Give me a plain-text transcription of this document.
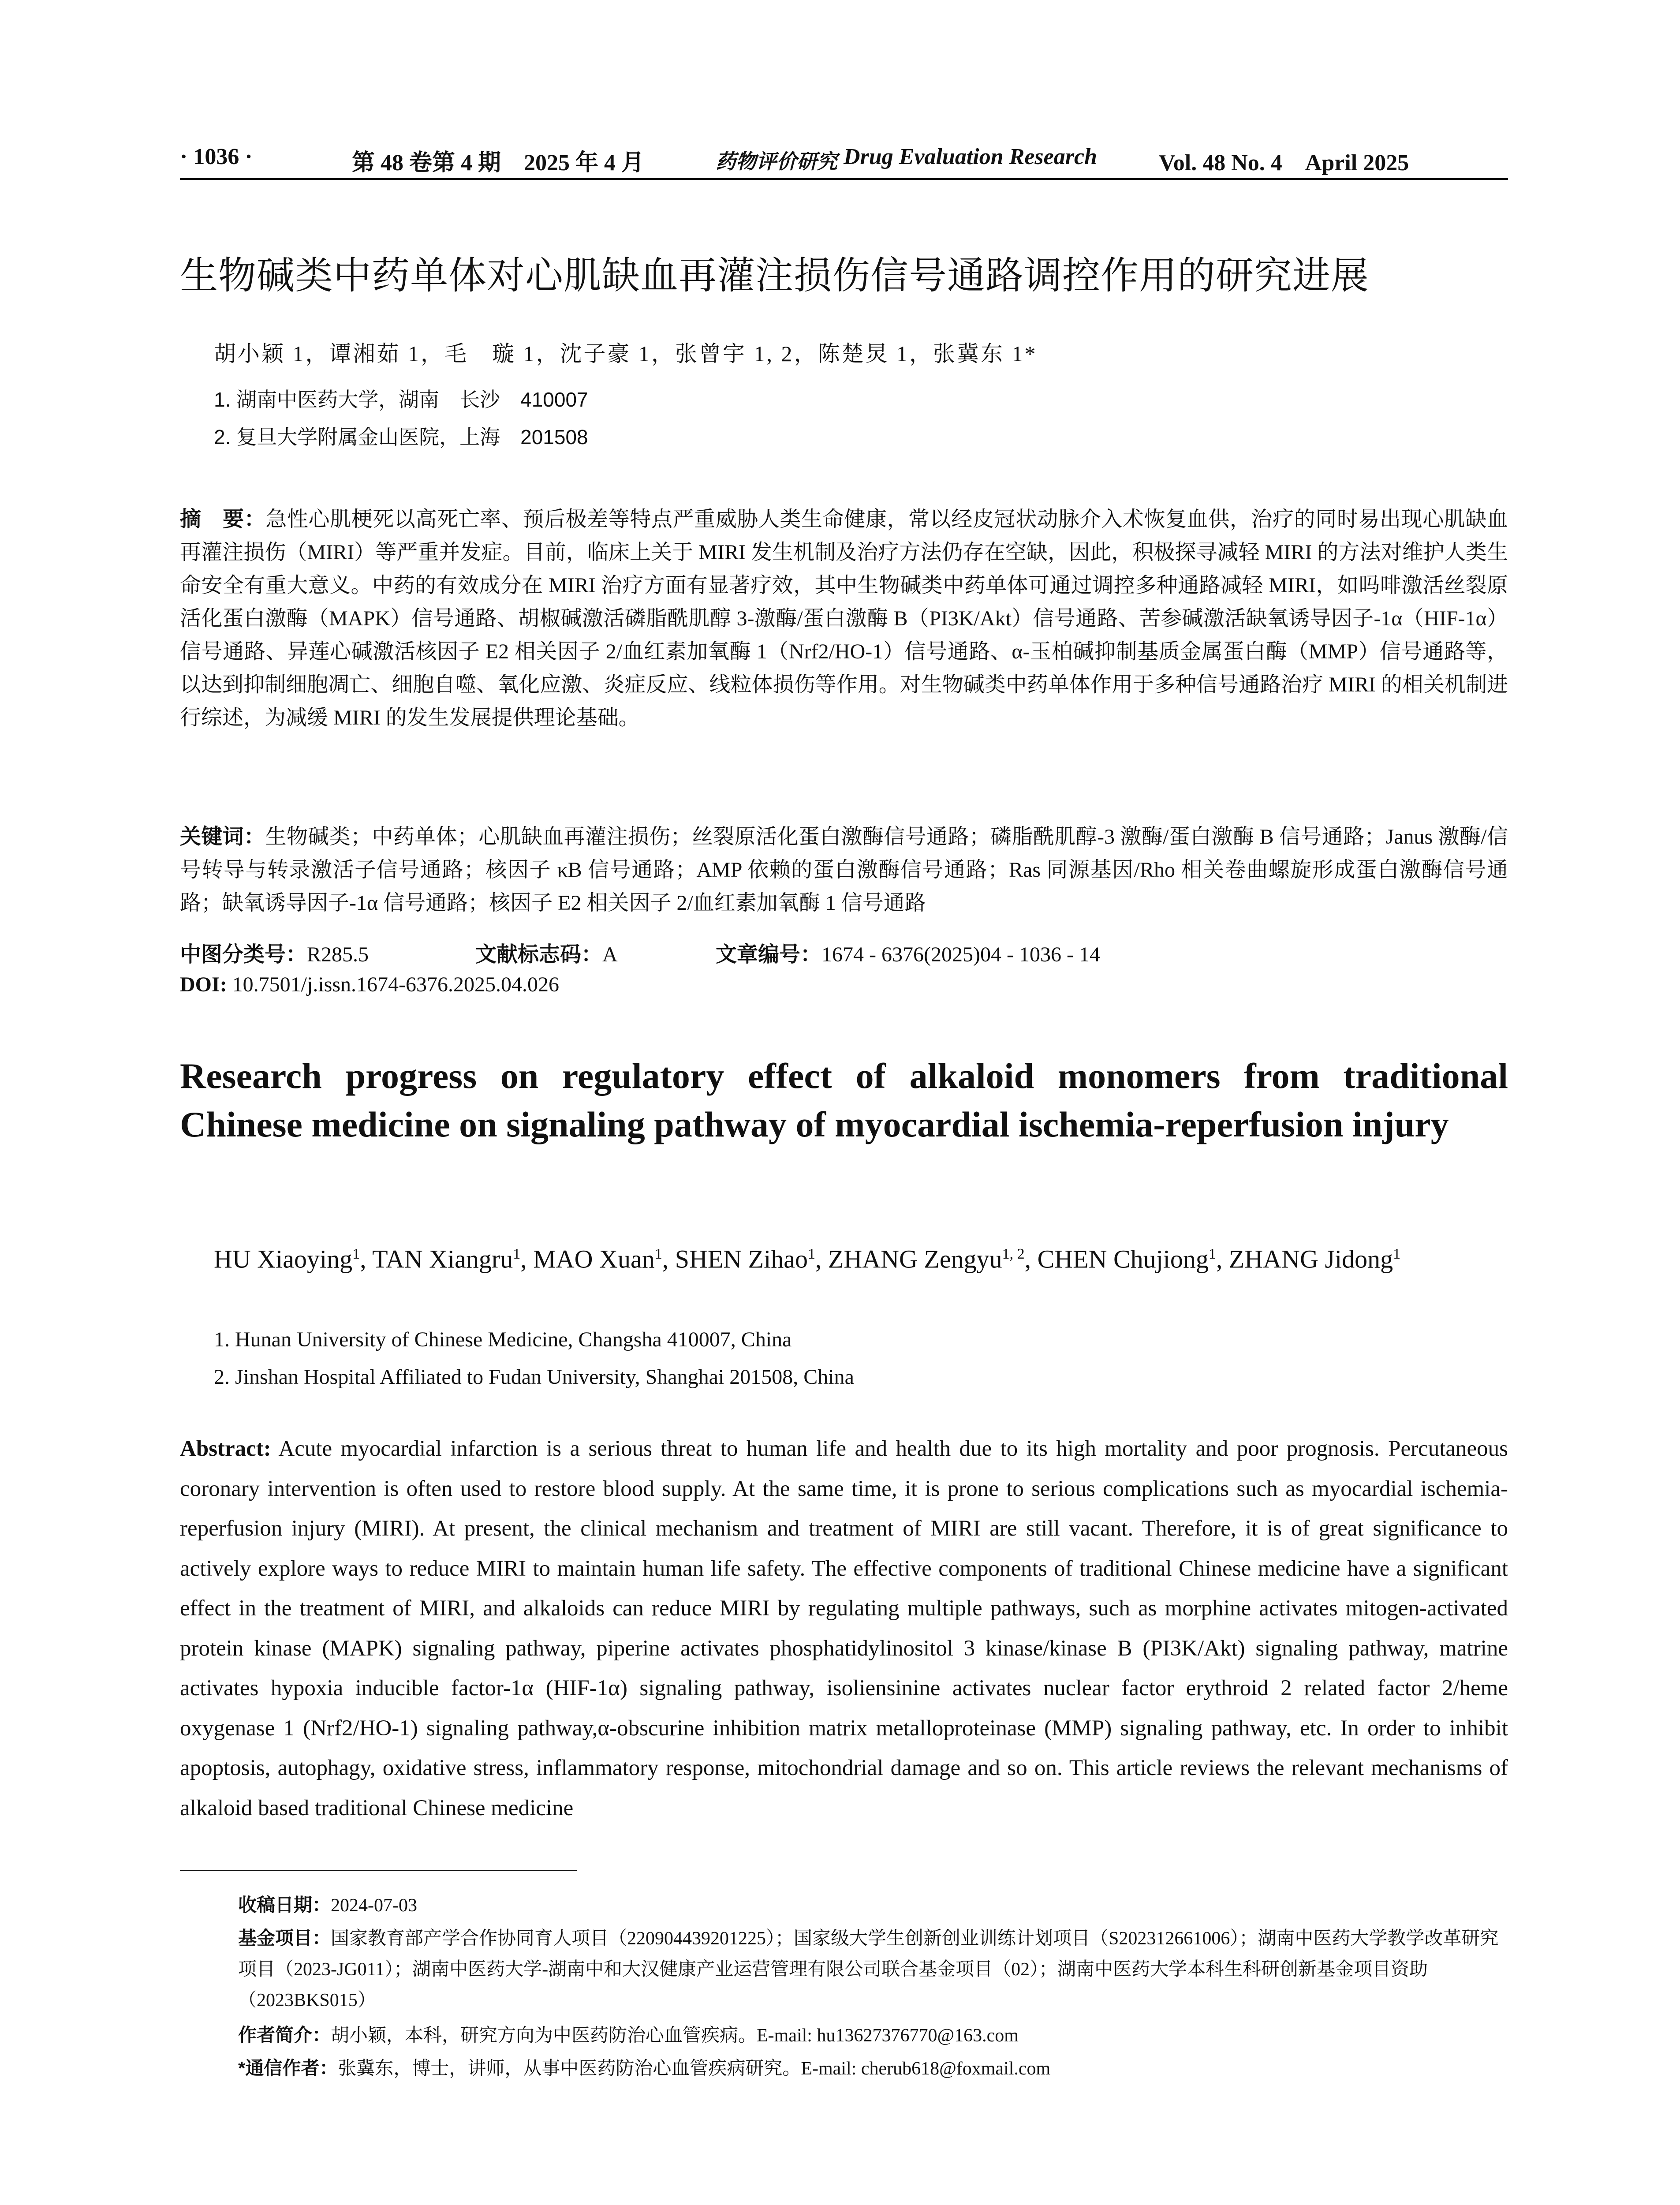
· 1036 ·	第 48 卷第 4 期　2025 年 4 月	药物评价研究 Drug Evaluation Research	Vol. 48 No. 4　April 2025
生物碱类中药单体对心肌缺血再灌注损伤信号通路调控作用的研究进展
胡小颖 1，谭湘茹 1，毛　璇 1，沈子豪 1，张曾宇 1, 2，陈楚炅 1，张冀东 1*
1. 湖南中医药大学，湖南　长沙　410007
2. 复旦大学附属金山医院，上海　201508
摘　要：急性心肌梗死以高死亡率、预后极差等特点严重威胁人类生命健康，常以经皮冠状动脉介入术恢复血供，治疗的同时易出现心肌缺血再灌注损伤（MIRI）等严重并发症。目前，临床上关于 MIRI 发生机制及治疗方法仍存在空缺，因此，积极探寻减轻 MIRI 的方法对维护人类生命安全有重大意义。中药的有效成分在 MIRI 治疗方面有显著疗效，其中生物碱类中药单体可通过调控多种通路减轻 MIRI，如吗啡激活丝裂原活化蛋白激酶（MAPK）信号通路、胡椒碱激活磷脂酰肌醇 3-激酶/蛋白激酶 B（PI3K/Akt）信号通路、苦参碱激活缺氧诱导因子-1α（HIF-1α）信号通路、异莲心碱激活核因子 E2 相关因子 2/血红素加氧酶 1（Nrf2/HO-1）信号通路、α-玉柏碱抑制基质金属蛋白酶（MMP）信号通路等，以达到抑制细胞凋亡、细胞自噬、氧化应激、炎症反应、线粒体损伤等作用。对生物碱类中药单体作用于多种信号通路治疗 MIRI 的相关机制进行综述，为减缓 MIRI 的发生发展提供理论基础。
关键词：生物碱类；中药单体；心肌缺血再灌注损伤；丝裂原活化蛋白激酶信号通路；磷脂酰肌醇-3 激酶/蛋白激酶 B 信号通路；Janus 激酶/信号转导与转录激活子信号通路；核因子 κB 信号通路；AMP 依赖的蛋白激酶信号通路；Ras 同源基因/Rho 相关卷曲螺旋形成蛋白激酶信号通路；缺氧诱导因子-1α 信号通路；核因子 E2 相关因子 2/血红素加氧酶 1 信号通路
中图分类号：R285.5	文献标志码：A	文章编号：1674 - 6376(2025)04 - 1036 - 14
DOI: 10.7501/j.issn.1674-6376.2025.04.026
Research progress on regulatory effect of alkaloid monomers from traditional Chinese medicine on signaling pathway of myocardial ischemia-reperfusion injury
HU Xiaoying$^1$, TAN Xiangru$^1$, MAO Xuan$^1$, SHEN Zihao$^1$, ZHANG Zengyu$^{1, 2}$, CHEN Chujiong$^1$, ZHANG Jidong$^1$
1. Hunan University of Chinese Medicine, Changsha 410007, China
2. Jinshan Hospital Affiliated to Fudan University, Shanghai 201508, China
Abstract: Acute myocardial infarction is a serious threat to human life and health due to its high mortality and poor prognosis. Percutaneous coronary intervention is often used to restore blood supply. At the same time, it is prone to serious complications such as myocardial ischemia-reperfusion injury (MIRI). At present, the clinical mechanism and treatment of MIRI are still vacant. Therefore, it is of great significance to actively explore ways to reduce MIRI to maintain human life safety. The effective components of traditional Chinese medicine have a significant effect in the treatment of MIRI, and alkaloids can reduce MIRI by regulating multiple pathways, such as morphine activates mitogen-activated protein kinase (MAPK) signaling pathway, piperine activates phosphatidylinositol 3 kinase/kinase B (PI3K/Akt) signaling pathway, matrine activates hypoxia inducible factor-1α (HIF-1α) signaling pathway, isoliensinine activates nuclear factor erythroid 2 related factor 2/heme oxygenase 1 (Nrf2/HO-1) signaling pathway,α-obscurine inhibition matrix metalloproteinase (MMP) signaling pathway, etc. In order to inhibit apoptosis, autophagy, oxidative stress, inflammatory response, mitochondrial damage and so on. This article reviews the relevant mechanisms of alkaloid based traditional Chinese medicine
收稿日期：2024-07-03
基金项目：国家教育部产学合作协同育人项目（220904439201225）；国家级大学生创新创业训练计划项目（S202312661006）；湖南中医药大学教学改革研究项目（2023-JG011）；湖南中医药大学-湖南中和大汉健康产业运营管理有限公司联合基金项目（02）；湖南中医药大学本科生科研创新基金项目资助（2023BKS015）
作者简介：胡小颖，本科，研究方向为中医药防治心血管疾病。E-mail: hu13627376770@163.com
*通信作者：张冀东，博士，讲师，从事中医药防治心血管疾病研究。E-mail: cherub618@foxmail.com
